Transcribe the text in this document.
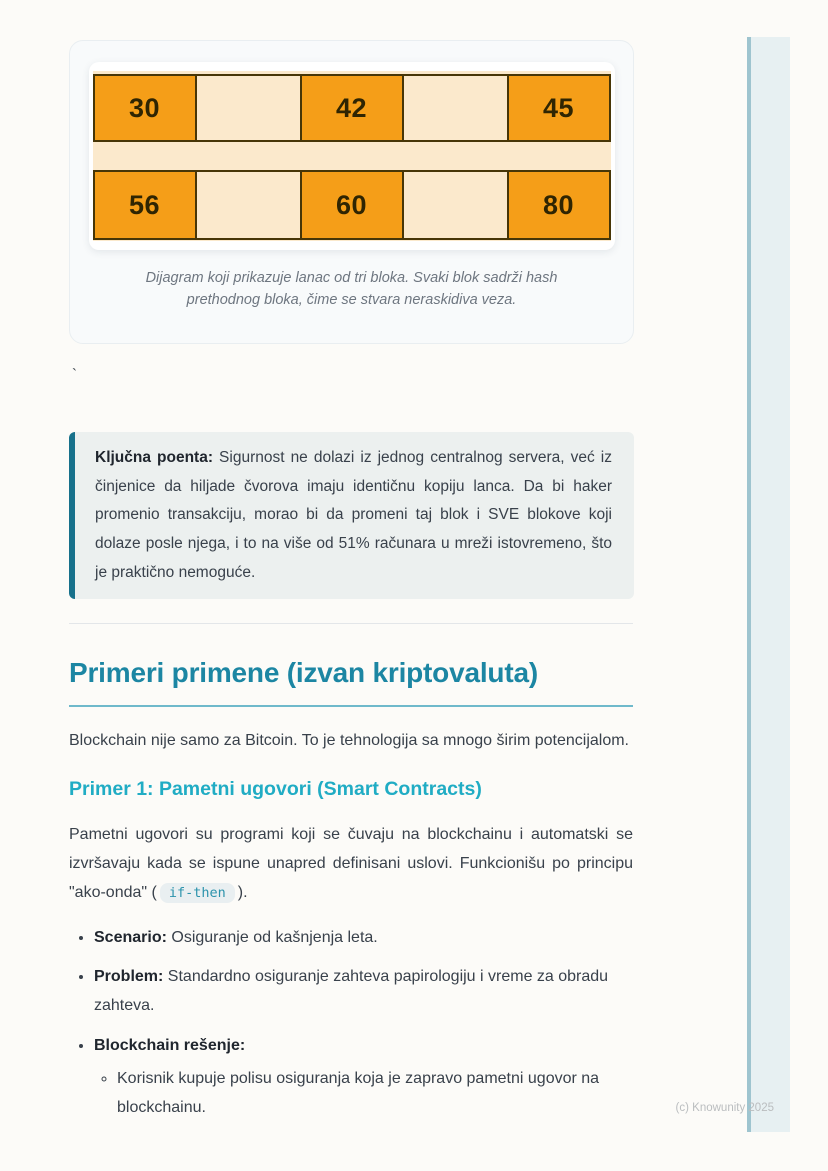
30	42	45
56	60	80
Dijagram koji prikazuje lanac od tri bloka. Svaki blok sadrži hash prethodnog bloka, čime se stvara neraskidiva veza.
`
Ključna poenta: Sigurnost ne dolazi iz jednog centralnog servera, već iz činjenice da hiljade čvorova imaju identičnu kopiju lanca. Da bi haker promenio transakciju, morao bi da promeni taj blok i SVE blokove koji dolaze posle njega, i to na više od 51% računara u mreži istovremeno, što je praktično nemoguće.
Primeri primene (izvan kriptovaluta)

Blockchain nije samo za Bitcoin. To je tehnologija sa mnogo širim potencijalom.

Primer 1: Pametni ugovori (Smart Contracts)

Pametni ugovori su programi koji se čuvaju na blockchainu i automatski se izvršavaju kada se ispune unapred definisani uslovi. Funkcionišu po principu "ako-onda" ( if-then ).

• Scenario: Osiguranje od kašnjenja leta.
• Problem: Standardno osiguranje zahteva papirologiju i vreme za obradu zahteva.
• Blockchain rešenje:
◦ Korisnik kupuje polisu osiguranja koja je zapravo pametni ugovor na blockchainu.	(c) Knowunity 2025
